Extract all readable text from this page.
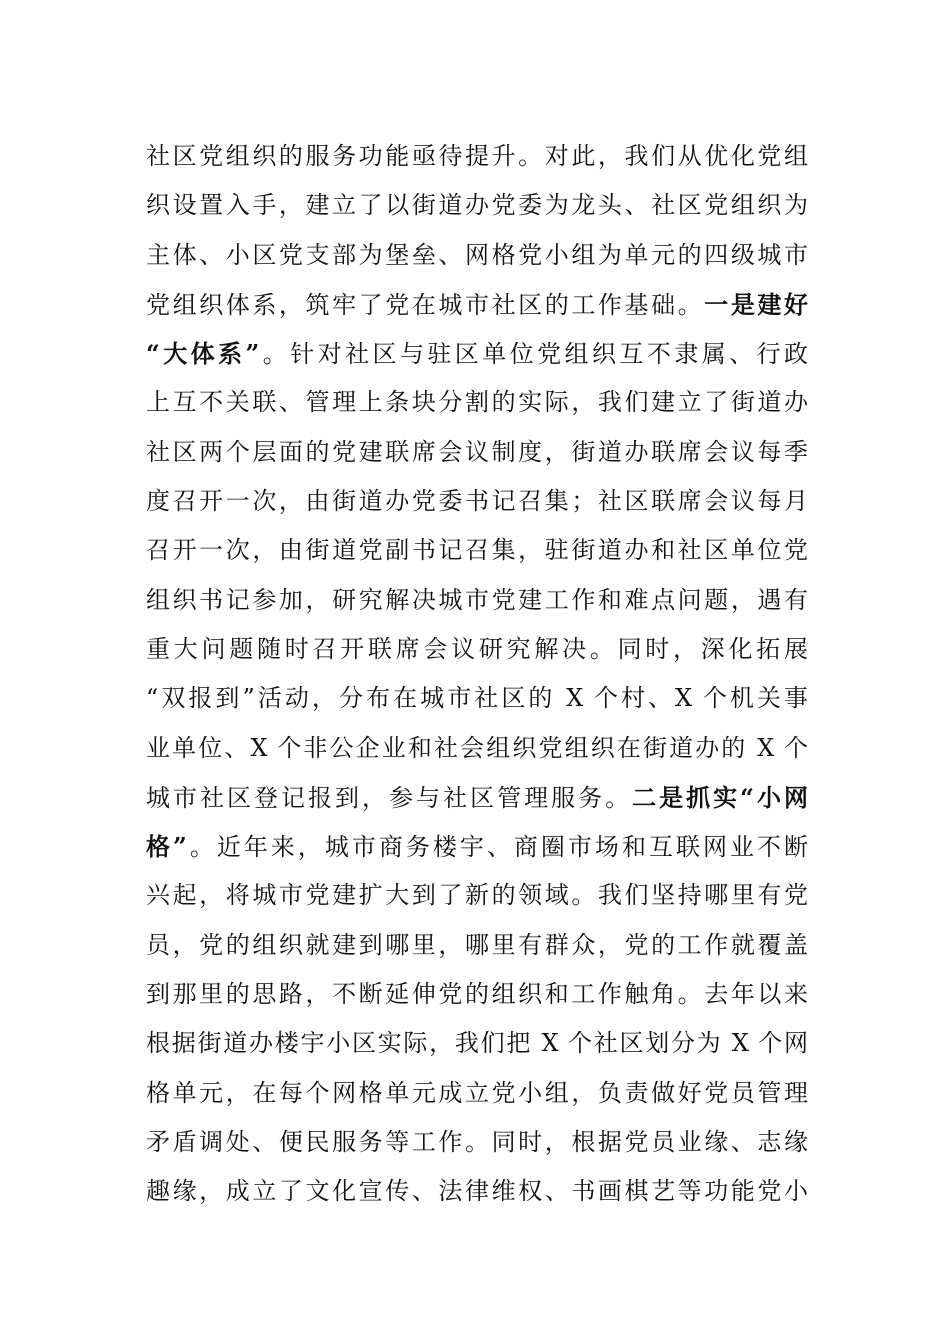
社区党组织的服务功能亟待提升。对此，我们从优化党组
织设置入手，建立了以街道办党委为龙头、社区党组织为
主体、小区党支部为堡垒、网格党小组为单元的四级城市
党组织体系，筑牢了党在城市社区的工作基础。一是建好
“大体系”。针对社区与驻区单位党组织互不隶属、行政
上互不关联、管理上条块分割的实际，我们建立了街道办
社区两个层面的党建联席会议制度，街道办联席会议每季
度召开一次，由街道办党委书记召集；社区联席会议每月
召开一次，由街道党副书记召集，驻街道办和社区单位党
组织书记参加，研究解决城市党建工作和难点问题，遇有
重大问题随时召开联席会议研究解决。同时，深化拓展
“双报到”活动，分布在城市社区的 X 个村、X 个机关事
业单位、X 个非公企业和社会组织党组织在街道办的 X 个
城市社区登记报到，参与社区管理服务。二是抓实“小网
格”。近年来，城市商务楼宇、商圈市场和互联网业不断
兴起，将城市党建扩大到了新的领域。我们坚持哪里有党
员，党的组织就建到哪里，哪里有群众，党的工作就覆盖
到那里的思路，不断延伸党的组织和工作触角。去年以来
根据街道办楼宇小区实际，我们把 X 个社区划分为 X 个网
格单元，在每个网格单元成立党小组，负责做好党员管理
矛盾调处、便民服务等工作。同时，根据党员业缘、志缘
趣缘，成立了文化宣传、法律维权、书画棋艺等功能党小
